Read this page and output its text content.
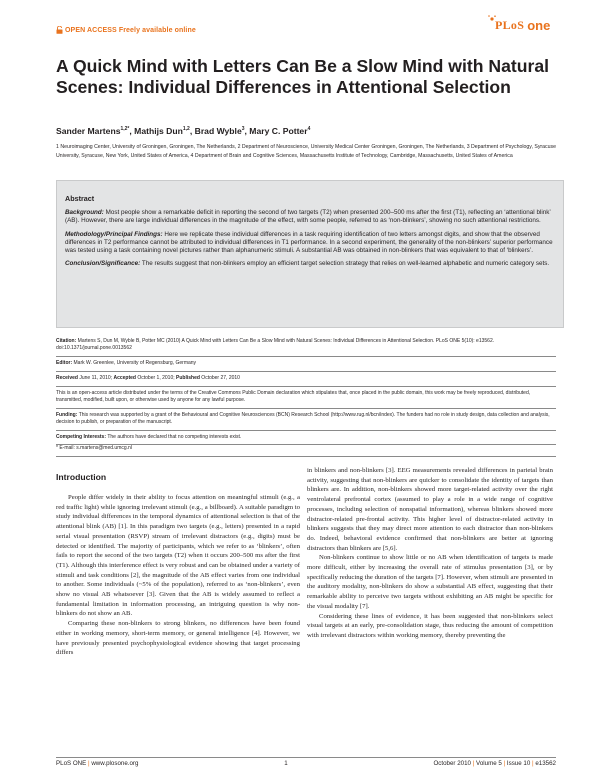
OPEN ACCESS Freely available online	PLoS one
A Quick Mind with Letters Can Be a Slow Mind with Natural Scenes: Individual Differences in Attentional Selection
Sander Martens$^{1,2*}$, Mathijs Dun$^{1,2}$, Brad Wyble$^3$, Mary C. Potter$^4$
1 Neuroimaging Center, University of Groningen, Groningen, The Netherlands, 2 Department of Neuroscience, University Medical Center Groningen, Groningen, The Netherlands, 3 Department of Psychology, Syracuse University, Syracuse, New York, United States of America, 4 Department of Brain and Cognitive Sciences, Massachusetts Institute of Technology, Cambridge, Massachusetts, United States of America
Abstract

Background: Most people show a remarkable deficit in reporting the second of two targets (T2) when presented 200–500 ms after the first (T1), reflecting an ‘attentional blink’ (AB). However, there are large individual differences in the magnitude of the effect, with some people, referred to as ‘non-blinkers’, showing no such attentional restrictions.

Methodology/Principal Findings: Here we replicate these individual differences in a task requiring identification of two letters amongst digits, and show that the observed differences in T2 performance cannot be attributed to individual differences in T1 performance. In a second experiment, the generality of the non-blinkers’ superior performance was tested using a task containing novel pictures rather than alphanumeric stimuli. A substantial AB was obtained in non-blinkers that was equivalent to that of ‘blinkers’.

Conclusion/Significance: The results suggest that non-blinkers employ an efficient target selection strategy that relies on well-learned alphabetic and numeric category sets.

Citation: Martens S, Dun M, Wyble B, Potter MC (2010) A Quick Mind with Letters Can Be a Slow Mind with Natural Scenes: Individual Differences in Attentional Selection. PLoS ONE 5(10): e13562. doi:10.1371/journal.pone.0013562

Editor: Mark W. Greenlee, University of Regensburg, Germany

Received June 11, 2010; Accepted October 1, 2010; Published October 27, 2010

This is an open-access article distributed under the terms of the Creative Commons Public Domain declaration which stipulates that, once placed in the public domain, this work may be freely reproduced, distributed, transmitted, modified, built upon, or otherwise used by anyone for any lawful purpose.

Funding: This research was supported by a grant of the Behavioural and Cognitive Neurosciences (BCN) Research School (http://www.rug.nl/bcn/index). The funders had no role in study design, data collection and analysis, decision to publish, or preparation of the manuscript.

Competing Interests: The authors have declared that no competing interests exist.

* E-mail: s.martens@med.umcg.nl

Introduction

People differ widely in their ability to focus attention on meaningful stimuli (e.g., a red traffic light) while ignoring irrelevant stimuli (e.g., a billboard). A suitable paradigm to study individual differences in the temporal dynamics of attentional selection is that of the attentional blink (AB) [1]. In this paradigm two targets (e.g., letters) presented in a rapid serial visual presentation (RSVP) stream of irrelevant distractors (e.g., digits) must be detected or identified. The majority of participants, which we refer to as ‘blinkers’, often fails to report the second of the two targets (T2) when it occurs 200–500 ms after the first (T1). Although this interference effect is very robust and can be obtained under a variety of stimuli and task conditions [2], the magnitude of the AB effect varies from one individual to another. Some individuals (~5% of the population), referred to as ‘non-blinkers’, even show no visual AB whatsoever [3]. Given that the AB is widely assumed to reflect a fundamental limitation in information processing, an intriguing question is why non-blinkers do not show an AB.

Comparing these non-blinkers to strong blinkers, no differences have been found either in working memory, short-term memory, or general intelligence [4]. However, we have previously presented psychophysiological evidence showing that target processing differs

in blinkers and non-blinkers [3]. EEG measurements revealed differences in parietal brain activity, suggesting that non-blinkers are quicker to consolidate the identity of targets than blinkers are. In addition, non-blinkers showed more target-related activity over the right ventrolateral prefrontal cortex (assumed to play a role in a wide range of cognitive processes, including selection of nonspatial information), whereas blinkers showed more distractor-related pre-frontal activity. This higher level of distractor-related activity in blinkers suggests that they may direct more attention to each distractor than non-blinkers do. Indeed, behavioral evidence confirmed that non-blinkers are better at ignoring distractors than blinkers are [5,6].

Non-blinkers continue to show little or no AB when identification of targets is made more difficult, either by increasing the overall rate of stimulus presentation [3], or by specifically reducing the duration of the targets [7]. However, when stimuli are presented in the auditory modality, non-blinkers do show a substantial AB effect, suggesting that their remarkable ability to perceive two targets without exhibiting an AB might be specific for the visual modality [7].

Considering these lines of evidence, it has been suggested that non-blinkers select visual targets at an early, pre-consolidation stage, thus reducing the amount of competition with irrelevant distractors within working memory, thereby preventing the

PLoS ONE | www.plosone.org	1	October 2010 | Volume 5 | Issue 10 | e13562
